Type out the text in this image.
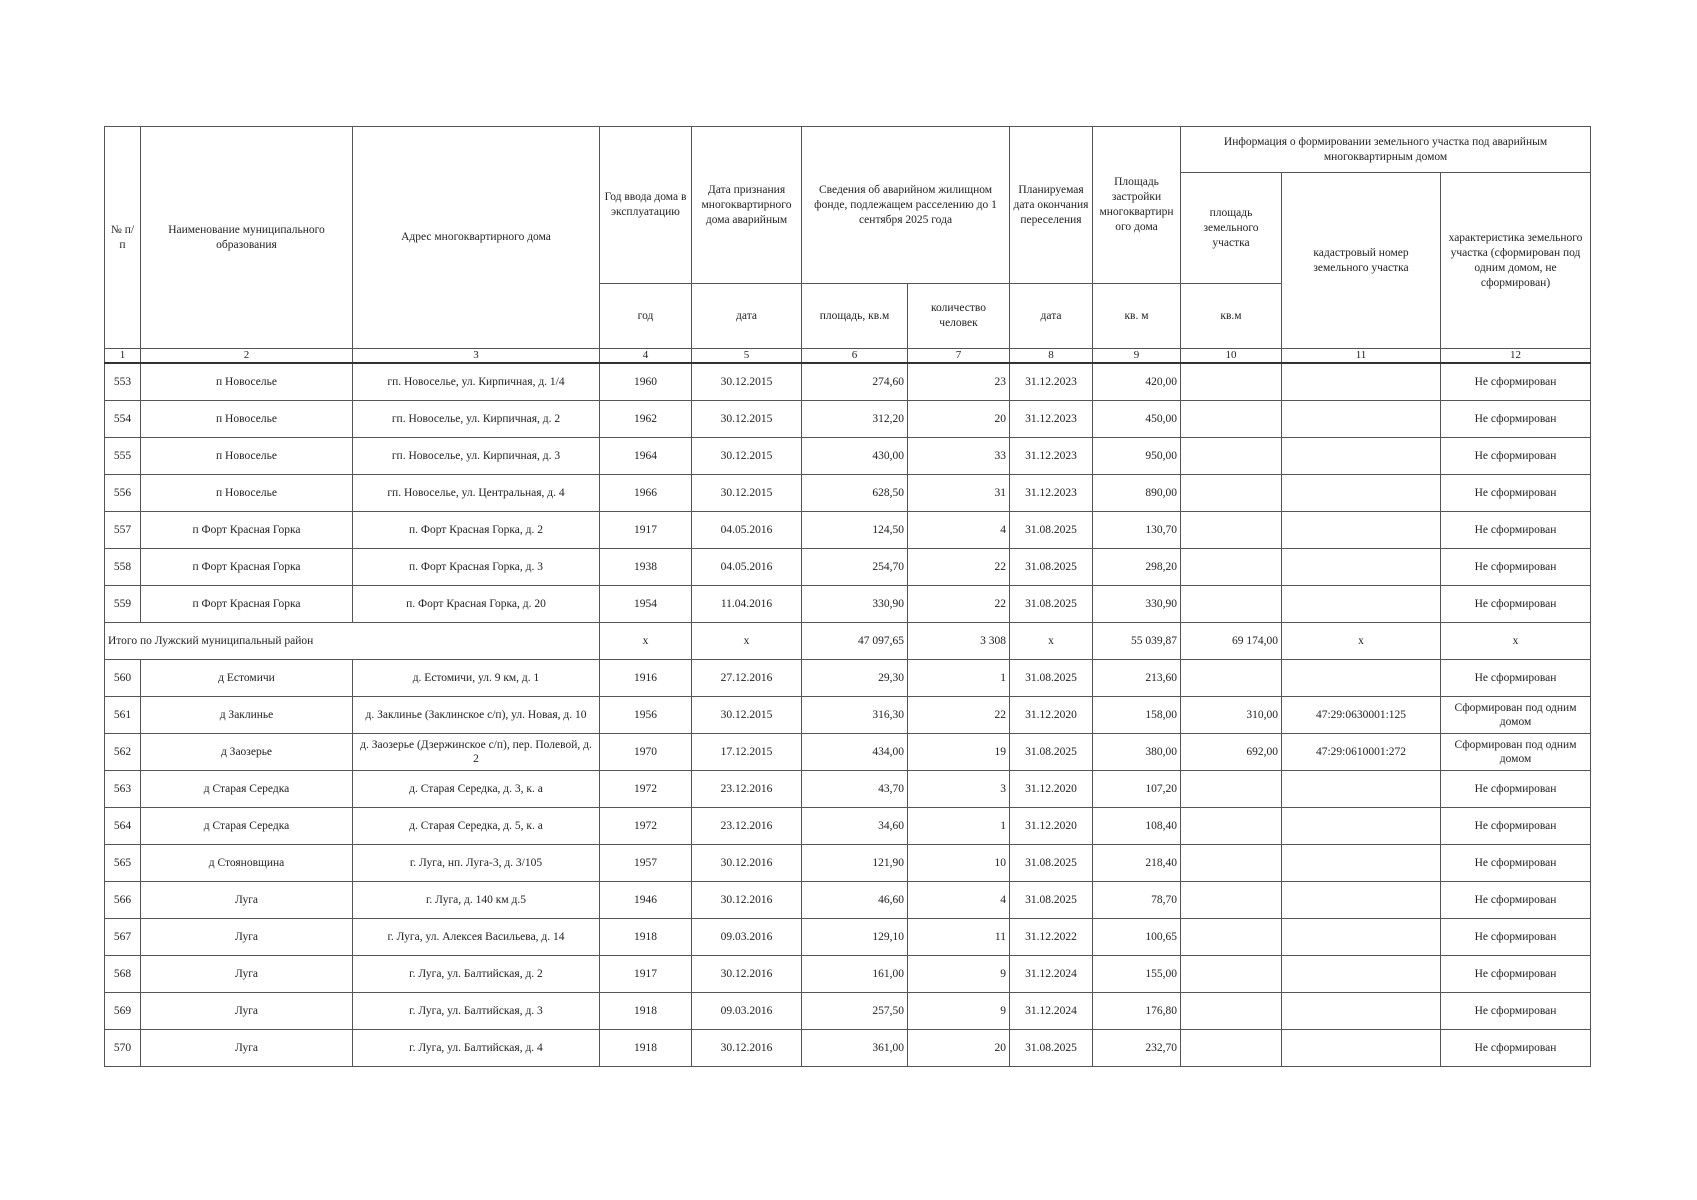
№ п/п	Наименование муниципального образования	Адрес многоквартирного дома	Год ввода дома в эксплуатацию	Дата признания многоквартирного дома аварийным	Сведения об аварийном жилищном фонде, подлежащем расселению до 1 сентября 2025 года		Планируемая дата окончания переселения	Площадь застройки многоквартирн ого дома	Информация о формировании земельного участка под аварийным многоквартирным домом		
									площадь земельного участка	кадастровый номер земельного участка	характеристика земельного участка (сформирован под одним домом, не сформирован)
			год	дата	площадь, кв.м	количество человек	дата	кв. м	кв.м		
1	2	3	4	5	6	7	8	9	10	11	12
553	п Новоселье	гп. Новоселье, ул. Кирпичная, д. 1/4	1960	30.12.2015	274,60	23	31.12.2023	420,00			Не сформирован
554	п Новоселье	гп. Новоселье, ул. Кирпичная, д. 2	1962	30.12.2015	312,20	20	31.12.2023	450,00			Не сформирован
555	п Новоселье	гп. Новоселье, ул. Кирпичная, д. 3	1964	30.12.2015	430,00	33	31.12.2023	950,00			Не сформирован
556	п Новоселье	гп. Новоселье, ул. Центральная, д. 4	1966	30.12.2015	628,50	31	31.12.2023	890,00			Не сформирован
557	п Форт Красная Горка	п. Форт Красная Горка, д. 2	1917	04.05.2016	124,50	4	31.08.2025	130,70			Не сформирован
558	п Форт Красная Горка	п. Форт Красная Горка, д. 3	1938	04.05.2016	254,70	22	31.08.2025	298,20			Не сформирован
559	п Форт Красная Горка	п. Форт Красная Горка, д. 20	1954	11.04.2016	330,90	22	31.08.2025	330,90			Не сформирован
Итого по Лужский муниципальный район			x	x	47 097,65	3 308	x	55 039,87	69 174,00	x	x
560	д Естомичи	д. Естомичи, ул. 9 км, д. 1	1916	27.12.2016	29,30	1	31.08.2025	213,60			Не сформирован
561	д Заклинье	д. Заклинье (Заклинское с/п), ул. Новая, д. 10	1956	30.12.2015	316,30	22	31.12.2020	158,00	310,00	47:29:0630001:125	Сформирован под одним домом
562	д Заозерье	д. Заозерье (Дзержинское с/п), пер. Полевой, д. 2	1970	17.12.2015	434,00	19	31.08.2025	380,00	692,00	47:29:0610001:272	Сформирован под одним домом
563	д Старая Середка	д. Старая Середка, д. 3, к. а	1972	23.12.2016	43,70	3	31.12.2020	107,20			Не сформирован
564	д Старая Середка	д. Старая Середка, д. 5, к. а	1972	23.12.2016	34,60	1	31.12.2020	108,40			Не сформирован
565	д Стояновщина	г. Луга, нп. Луга-3, д. 3/105	1957	30.12.2016	121,90	10	31.08.2025	218,40			Не сформирован
566	Луга	г. Луга, д. 140 км д.5	1946	30.12.2016	46,60	4	31.08.2025	78,70			Не сформирован
567	Луга	г. Луга, ул. Алексея Васильева, д. 14	1918	09.03.2016	129,10	11	31.12.2022	100,65			Не сформирован
568	Луга	г. Луга, ул. Балтийская, д. 2	1917	30.12.2016	161,00	9	31.12.2024	155,00			Не сформирован
569	Луга	г. Луга, ул. Балтийская, д. 3	1918	09.03.2016	257,50	9	31.12.2024	176,80			Не сформирован
570	Луга	г. Луга, ул. Балтийская, д. 4	1918	30.12.2016	361,00	20	31.08.2025	232,70			Не сформирован
